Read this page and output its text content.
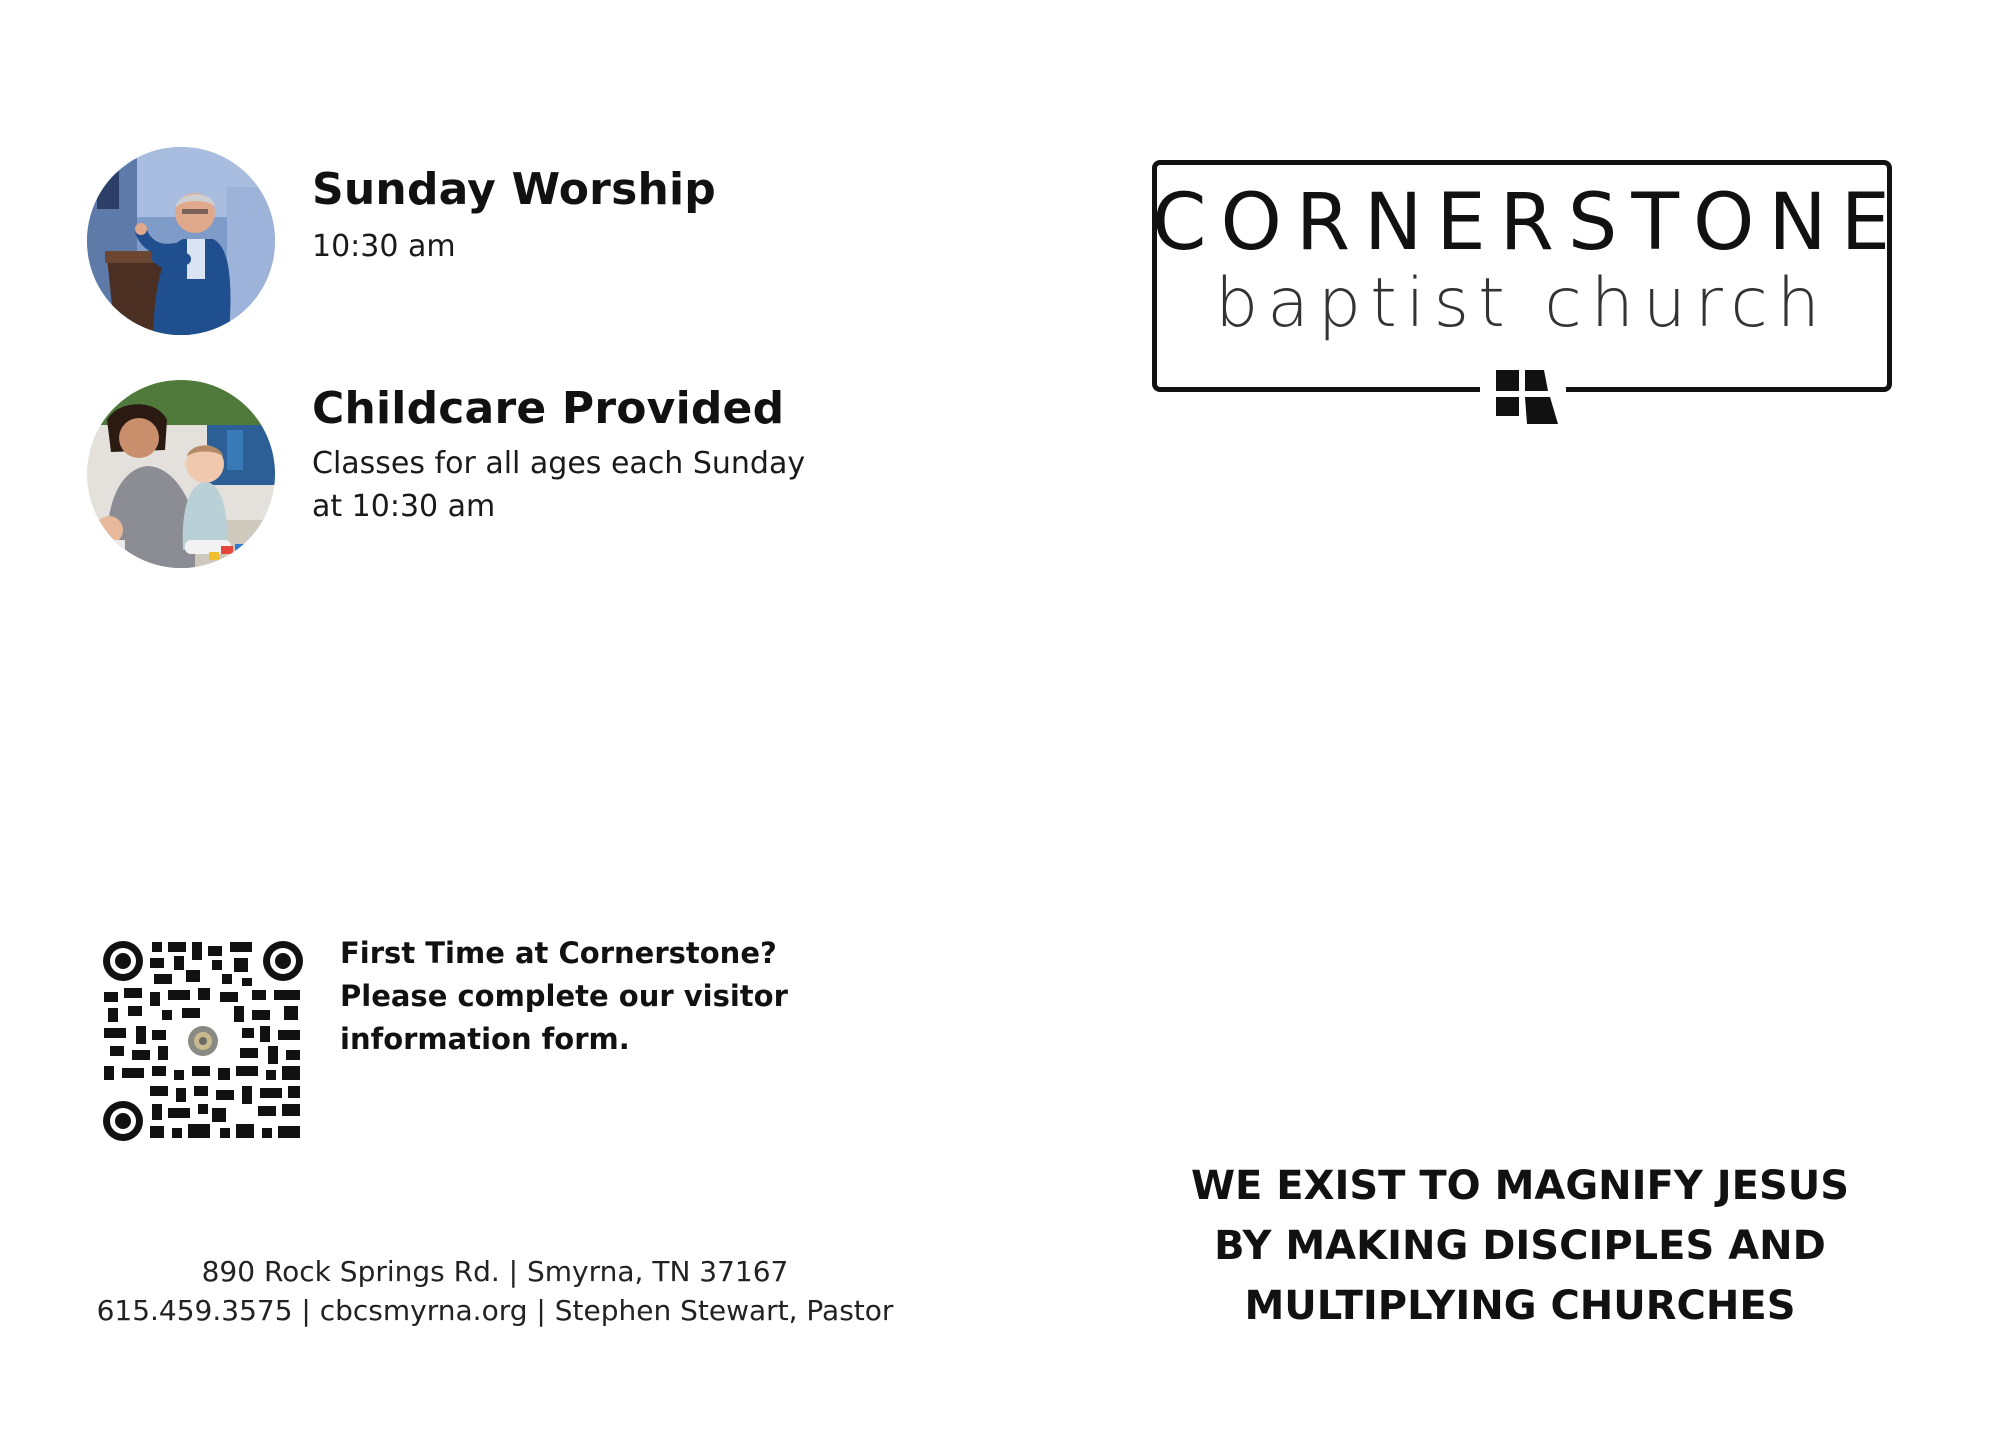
Sunday Worship
10:30 am
Childcare Provided
Classes for all ages each Sunday
at 10:30 am
CORNERSTONE
baptist church
First Time at Cornerstone?
Please complete our visitor
information form.
890 Rock Springs Rd. | Smyrna, TN 37167
615.459.3575 | cbcsmyrna.org | Stephen Stewart, Pastor
WE EXIST TO MAGNIFY JESUS
BY MAKING DISCIPLES AND
MULTIPLYING CHURCHES
